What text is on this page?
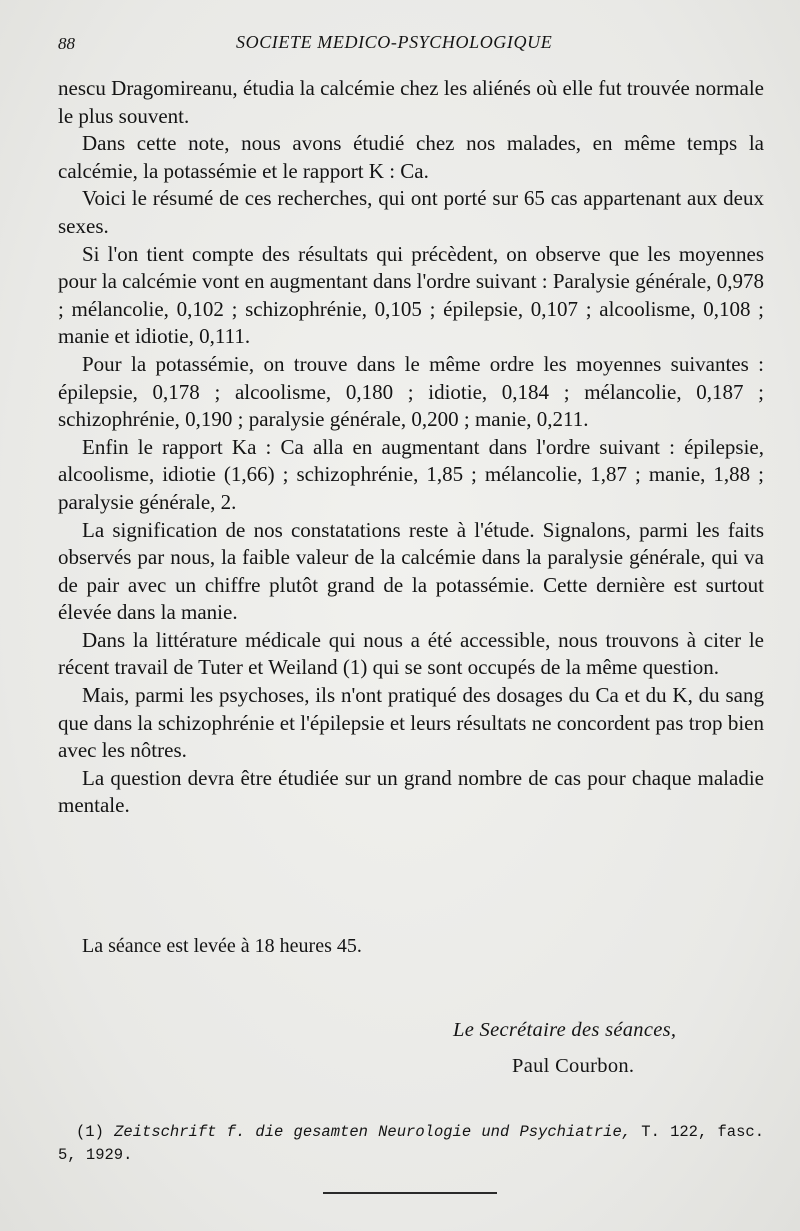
88	SOCIETE MEDICO-PSYCHOLOGIQUE

nescu Dragomireanu, étudia la calcémie chez les aliénés où elle fut trouvée normale le plus souvent.

Dans cette note, nous avons étudié chez nos malades, en même temps la calcémie, la potassémie et le rapport K : Ca.

Voici le résumé de ces recherches, qui ont porté sur 65 cas appartenant aux deux sexes.

Si l'on tient compte des résultats qui précèdent, on observe que les moyennes pour la calcémie vont en augmentant dans l'ordre suivant : Paralysie générale, 0,978 ; mélancolie, 0,102 ; schizophrénie, 0,105 ; épilepsie, 0,107 ; alcoolisme, 0,108 ; manie et idiotie, 0,111.

Pour la potassémie, on trouve dans le même ordre les moyennes suivantes : épilepsie, 0,178 ; alcoolisme, 0,180 ; idiotie, 0,184 ; mélancolie, 0,187 ; schizophrénie, 0,190 ; paralysie générale, 0,200 ; manie, 0,211.

Enfin le rapport Ka : Ca alla en augmentant dans l'ordre suivant : épilepsie, alcoolisme, idiotie (1,66) ; schizophrénie, 1,85 ; mélancolie, 1,87 ; manie, 1,88 ; paralysie générale, 2.

La signification de nos constatations reste à l'étude. Signalons, parmi les faits observés par nous, la faible valeur de la calcémie dans la paralysie générale, qui va de pair avec un chiffre plutôt grand de la potassémie. Cette dernière est surtout élevée dans la manie.

Dans la littérature médicale qui nous a été accessible, nous trouvons à citer le récent travail de Tuter et Weiland (1) qui se sont occupés de la même question.

Mais, parmi les psychoses, ils n'ont pratiqué des dosages du Ca et du K, du sang que dans la schizophrénie et l'épilepsie et leurs résultats ne concordent pas trop bien avec les nôtres.

La question devra être étudiée sur un grand nombre de cas pour chaque maladie mentale.

La séance est levée à 18 heures 45.
Le Secrétaire des séances,
Paul Courbon.
(1) Zeitschrift f. die gesamten Neurologie und Psychiatrie, T. 122, fasc. 5, 1929.
